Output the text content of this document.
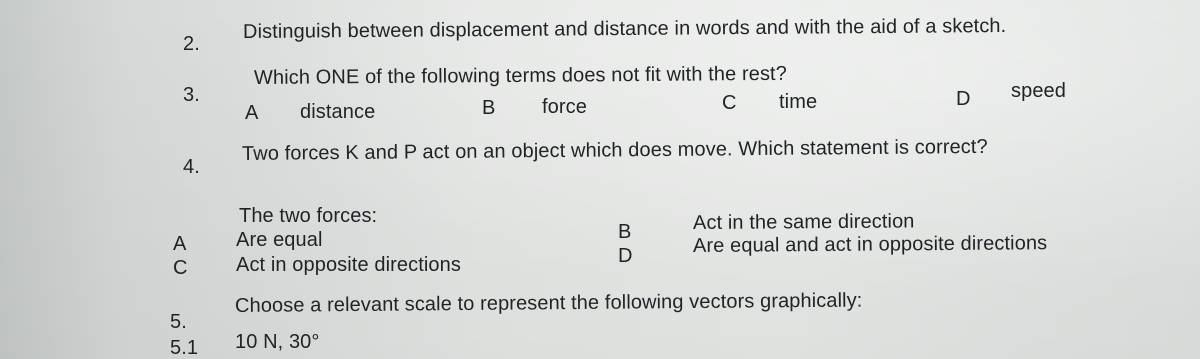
2.
Distinguish between displacement and distance in words and with the aid of a sketch.
3.
Which ONE of the following terms does not fit with the rest?
A distance	B force	C time	D speed
4.
Two forces K and P act on an object which does move. Which statement is correct?
The two forces:
A Are equal
C Act in opposite directions
B	Act in the same direction
D	Are equal and act in opposite directions
5.
Choose a relevant scale to represent the following vectors graphically:
5.1 10 N, 30°
